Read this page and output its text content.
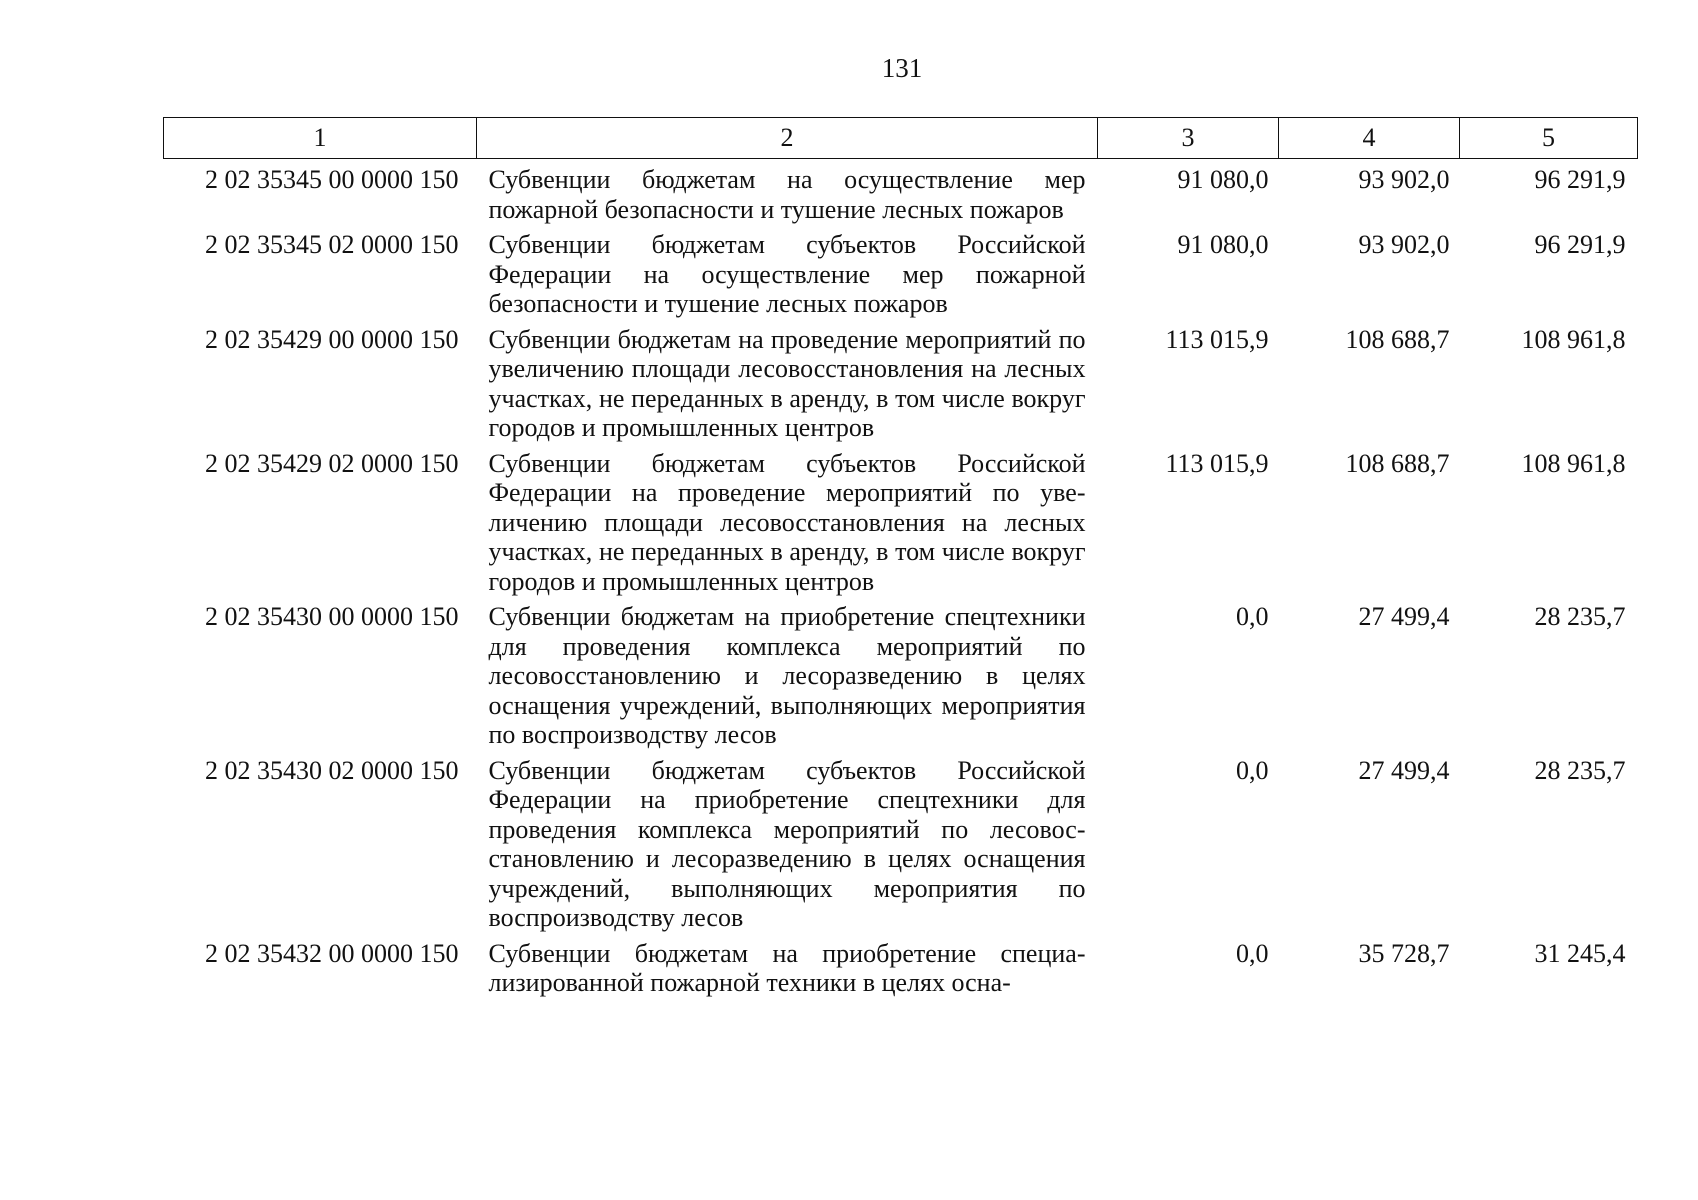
131
1	2	3	4	5
2 02 35345 00 0000 150	Субвенции бюджетам на осуществление мер пожарной безопасности и тушение лесных пожаров	91 080,0	93 902,0	96 291,9
2 02 35345 02 0000 150	Субвенции бюджетам субъектов Российской Федерации на осуществление мер пожарной безопасности и тушение лесных пожаров	91 080,0	93 902,0	96 291,9
2 02 35429 00 0000 150	Субвенции бюджетам на проведение мероприятий по увеличению площади лесовосстановления на лесных участках, не переданных в аренду, в том числе вокруг городов и промышленных центров	113 015,9	108 688,7	108 961,8
2 02 35429 02 0000 150	Субвенции бюджетам субъектов Российской Федерации на проведение мероприятий по увеличению площади лесовосстановления на лесных участках, не переданных в аренду, в том числе вокруг городов и промышленных центров	113 015,9	108 688,7	108 961,8
2 02 35430 00 0000 150	Субвенции бюджетам на приобретение спецтехники для проведения комплекса мероприятий по лесовосстановлению и лесоразведению в целях оснащения учреждений, выполняющих мероприятия по воспроизводству лесов	0,0	27 499,4	28 235,7
2 02 35430 02 0000 150	Субвенции бюджетам субъектов Российской Федерации на приобретение спецтехники для проведения комплекса мероприятий по лесовосстановлению и лесоразведению в целях оснащения учреждений, выполняющих мероприятия по воспроизводству лесов	0,0	27 499,4	28 235,7
2 02 35432 00 0000 150	Субвенции бюджетам на приобретение специализированной пожарной техники в целях осна-	0,0	35 728,7	31 245,4
